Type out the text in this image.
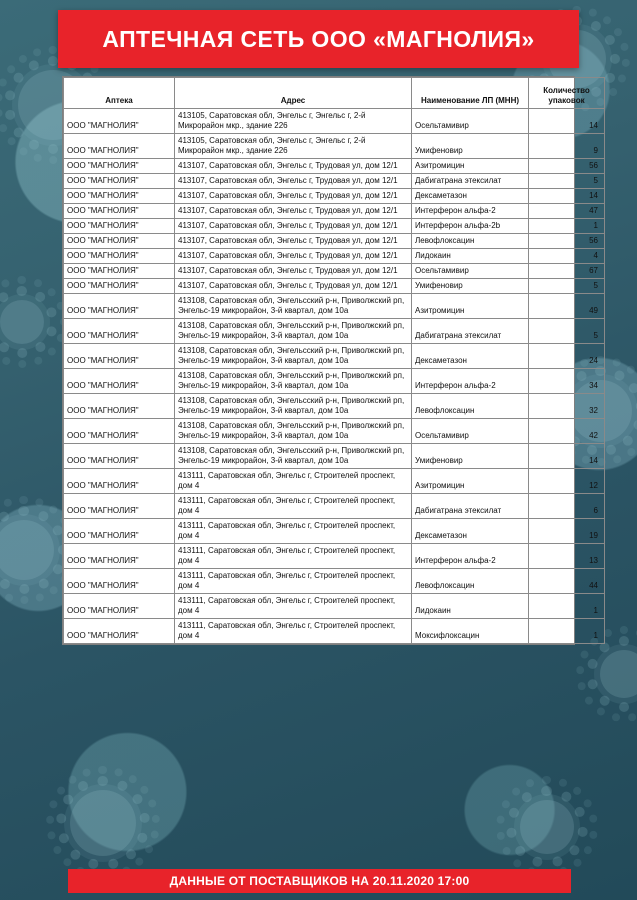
АПТЕЧНАЯ СЕТЬ ООО «МАГНОЛИЯ»
Аптека	Адрес	Наименование ЛП (МНН)	Количество упаковок
ООО "МАГНОЛИЯ"	413105, Саратовская обл, Энгельс г, Энгельс г, 2-й Микрорайон мкр., здание 226	Осельтамивир	14
ООО "МАГНОЛИЯ"	413105, Саратовская обл, Энгельс г, Энгельс г, 2-й Микрорайон мкр., здание 226	Умифеновир	9
ООО "МАГНОЛИЯ"	413107, Саратовская обл, Энгельс г, Трудовая ул, дом 12/1	Азитромицин	56
ООО "МАГНОЛИЯ"	413107, Саратовская обл, Энгельс г, Трудовая ул, дом 12/1	Дабигатрана этексилат	5
ООО "МАГНОЛИЯ"	413107, Саратовская обл, Энгельс г, Трудовая ул, дом 12/1	Дексаметазон	14
ООО "МАГНОЛИЯ"	413107, Саратовская обл, Энгельс г, Трудовая ул, дом 12/1	Интерферон альфа-2	47
ООО "МАГНОЛИЯ"	413107, Саратовская обл, Энгельс г, Трудовая ул, дом 12/1	Интерферон альфа-2b	1
ООО "МАГНОЛИЯ"	413107, Саратовская обл, Энгельс г, Трудовая ул, дом 12/1	Левофлоксацин	56
ООО "МАГНОЛИЯ"	413107, Саратовская обл, Энгельс г, Трудовая ул, дом 12/1	Лидокаин	4
ООО "МАГНОЛИЯ"	413107, Саратовская обл, Энгельс г, Трудовая ул, дом 12/1	Осельтамивир	67
ООО "МАГНОЛИЯ"	413107, Саратовская обл, Энгельс г, Трудовая ул, дом 12/1	Умифеновир	5
ООО "МАГНОЛИЯ"	413108, Саратовская обл, Энгельсский р-н, Приволжский рп, Энгельс-19 микрорайон, 3-й квартал, дом 10а	Азитромицин	49
ООО "МАГНОЛИЯ"	413108, Саратовская обл, Энгельсский р-н, Приволжский рп, Энгельс-19 микрорайон, 3-й квартал, дом 10а	Дабигатрана этексилат	5
ООО "МАГНОЛИЯ"	413108, Саратовская обл, Энгельсский р-н, Приволжский рп, Энгельс-19 микрорайон, 3-й квартал, дом 10а	Дексаметазон	24
ООО "МАГНОЛИЯ"	413108, Саратовская обл, Энгельсский р-н, Приволжский рп, Энгельс-19 микрорайон, 3-й квартал, дом 10а	Интерферон альфа-2	34
ООО "МАГНОЛИЯ"	413108, Саратовская обл, Энгельсский р-н, Приволжский рп, Энгельс-19 микрорайон, 3-й квартал, дом 10а	Левофлоксацин	32
ООО "МАГНОЛИЯ"	413108, Саратовская обл, Энгельсский р-н, Приволжский рп, Энгельс-19 микрорайон, 3-й квартал, дом 10а	Осельтамивир	42
ООО "МАГНОЛИЯ"	413108, Саратовская обл, Энгельсский р-н, Приволжский рп, Энгельс-19 микрорайон, 3-й квартал, дом 10а	Умифеновир	14
ООО "МАГНОЛИЯ"	413111, Саратовская обл, Энгельс г, Строителей проспект, дом 4	Азитромицин	12
ООО "МАГНОЛИЯ"	413111, Саратовская обл, Энгельс г, Строителей проспект, дом 4	Дабигатрана этексилат	6
ООО "МАГНОЛИЯ"	413111, Саратовская обл, Энгельс г, Строителей проспект, дом 4	Дексаметазон	19
ООО "МАГНОЛИЯ"	413111, Саратовская обл, Энгельс г, Строителей проспект, дом 4	Интерферон альфа-2	13
ООО "МАГНОЛИЯ"	413111, Саратовская обл, Энгельс г, Строителей проспект, дом 4	Левофлоксацин	44
ООО "МАГНОЛИЯ"	413111, Саратовская обл, Энгельс г, Строителей проспект, дом 4	Лидокаин	1
ООО "МАГНОЛИЯ"	413111, Саратовская обл, Энгельс г, Строителей проспект, дом 4	Моксифлоксацин	1
ДАННЫЕ ОТ ПОСТАВЩИКОВ НА 20.11.2020 17:00
